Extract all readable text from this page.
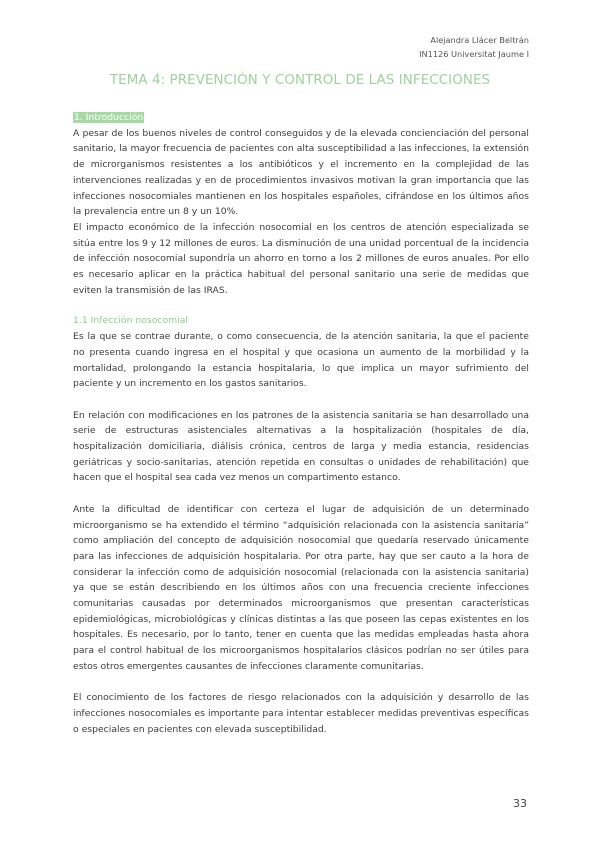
Alejandra Llácer Beltrán
IN1126 Universitat Jaume I
TEMA 4: PREVENCIÓN Y CONTROL DE LAS INFECCIONES

1. Introducción

A pesar de los buenos niveles de control conseguidos y de la elevada concienciación del personal sanitario, la mayor frecuencia de pacientes con alta susceptibilidad a las infecciones, la extensión de microrganismos resistentes a los antibióticos y el incremento en la complejidad de las intervenciones realizadas y en de procedimientos invasivos motivan la gran importancia que las infecciones nosocomiales mantienen en los hospitales españoles, cifrándose en los últimos años la prevalencia entre un 8 y un 10%.

El impacto económico de la infección nosocomial en los centros de atención especializada se sitúa entre los 9 y 12 millones de euros. La disminución de una unidad porcentual de la incidencia de infección nosocomial supondría un ahorro en torno a los 2 millones de euros anuales. Por ello es necesario aplicar en la práctica habitual del personal sanitario una serie de medidas que eviten la transmisión de las IRAS.

1.1 Infección nosocomial

Es la que se contrae durante, o como consecuencia, de la atención sanitaria, la que el paciente no presenta cuando ingresa en el hospital y que ocasiona un aumento de la morbilidad y la mortalidad, prolongando la estancia hospitalaria, lo que implica un mayor sufrimiento del paciente y un incremento en los gastos sanitarios.

En relación con modificaciones en los patrones de la asistencia sanitaria se han desarrollado una serie de estructuras asistenciales alternativas a la hospitalización (hospitales de día, hospitalización domiciliaria, diálisis crónica, centros de larga y media estancia, residencias geriátricas y socio-sanitarias, atención repetida en consultas o unidades de rehabilitación) que hacen que el hospital sea cada vez menos un compartimento estanco.

Ante la dificultad de identificar con certeza el lugar de adquisición de un determinado microorganismo se ha extendido el término “adquisición relacionada con la asistencia sanitaria” como ampliación del concepto de adquisición nosocomial que quedaría reservado únicamente para las infecciones de adquisición hospitalaria. Por otra parte, hay que ser cauto a la hora de considerar la infección como de adquisición nosocomial (relacionada con la asistencia sanitaria) ya que se están describiendo en los últimos años con una frecuencia creciente infecciones comunitarias causadas por determinados microorganismos que presentan características epidemiológicas, microbiológicas y clínicas distintas a las que poseen las cepas existentes en los hospitales. Es necesario, por lo tanto, tener en cuenta que las medidas empleadas hasta ahora para el control habitual de los microorganismos hospitalarios clásicos podrían no ser útiles para estos otros emergentes causantes de infecciones claramente comunitarias.

El conocimiento de los factores de riesgo relacionados con la adquisición y desarrollo de las infecciones nosocomiales es importante para intentar establecer medidas preventivas específicas o especiales en pacientes con elevada susceptibilidad.

33
